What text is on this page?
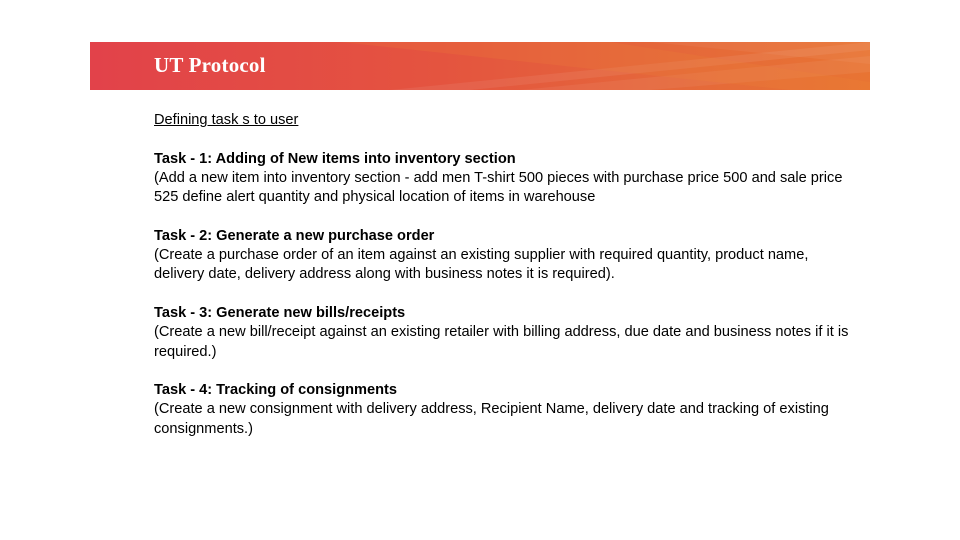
UT Protocol
Defining task s to user
Task - 1: Adding of New items into inventory section
(Add a new item into inventory section - add men T-shirt 500 pieces with purchase price 500 and sale price 525 define alert quantity and physical location of items in warehouse
Task - 2: Generate a new purchase order
(Create a purchase order of an item against an existing supplier with required quantity, product name, delivery date, delivery address along with business notes it is required).
Task - 3: Generate new bills/receipts
(Create a new bill/receipt against an existing retailer with billing address, due date and business notes if it is required.)
Task - 4: Tracking of consignments
(Create a new consignment with delivery address, Recipient Name, delivery date and tracking of existing consignments.)
